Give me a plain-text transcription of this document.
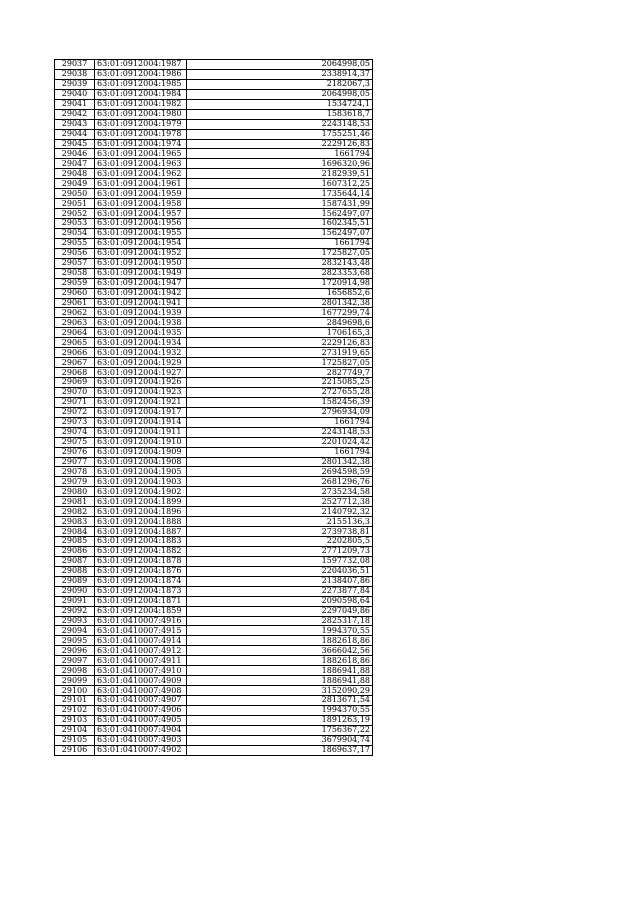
29037	63:01:0912004:1987	2064998,05
29038	63:01:0912004:1986	2338914,37
29039	63:01:0912004:1985	2182067,3
29040	63:01:0912004:1984	2064998,05
29041	63:01:0912004:1982	1534724,1
29042	63:01:0912004:1980	1583618,7
29043	63:01:0912004:1979	2243148,53
29044	63:01:0912004:1978	1755251,46
29045	63:01:0912004:1974	2229126,83
29046	63:01:0912004:1965	1661794
29047	63:01:0912004:1963	1696320,96
29048	63:01:0912004:1962	2182939,51
29049	63:01:0912004:1961	1607312,25
29050	63:01:0912004:1959	1735644,14
29051	63:01:0912004:1958	1587431,99
29052	63:01:0912004:1957	1562497,07
29053	63:01:0912004:1956	1602345,51
29054	63:01:0912004:1955	1562497,07
29055	63:01:0912004:1954	1661794
29056	63:01:0912004:1952	1725827,05
29057	63:01:0912004:1950	2832143,48
29058	63:01:0912004:1949	2823353,68
29059	63:01:0912004:1947	1720914,98
29060	63:01:0912004:1942	1656852,6
29061	63:01:0912004:1941	2801342,38
29062	63:01:0912004:1939	1677299,74
29063	63:01:0912004:1938	2849698,6
29064	63:01:0912004:1935	1706165,3
29065	63:01:0912004:1934	2229126,83
29066	63:01:0912004:1932	2731919,65
29067	63:01:0912004:1929	1725827,05
29068	63:01:0912004:1927	2827749,7
29069	63:01:0912004:1926	2215085,25
29070	63:01:0912004:1923	2727655,28
29071	63:01:0912004:1921	1582456,39
29072	63:01:0912004:1917	2796934,09
29073	63:01:0912004:1914	1661794
29074	63:01:0912004:1911	2243148,53
29075	63:01:0912004:1910	2201024,42
29076	63:01:0912004:1909	1661794
29077	63:01:0912004:1908	2801342,38
29078	63:01:0912004:1905	2694598,59
29079	63:01:0912004:1903	2681296,76
29080	63:01:0912004:1902	2735234,58
29081	63:01:0912004:1899	2527712,38
29082	63:01:0912004:1896	2140792,32
29083	63:01:0912004:1888	2155136,3
29084	63:01:0912004:1887	2739738,81
29085	63:01:0912004:1883	2202805,5
29086	63:01:0912004:1882	2771209,73
29087	63:01:0912004:1878	1597732,08
29088	63:01:0912004:1876	2204036,51
29089	63:01:0912004:1874	2138407,86
29090	63:01:0912004:1873	2273877,84
29091	63:01:0912004:1871	2090598,64
29092	63:01:0912004:1859	2297049,86
29093	63:01:0410007:4916	2825317,18
29094	63:01:0410007:4915	1994370,55
29095	63:01:0410007:4914	1882618,86
29096	63:01:0410007:4912	3666042,56
29097	63:01:0410007:4911	1882618,86
29098	63:01:0410007:4910	1886941,88
29099	63:01:0410007:4909	1886941,88
29100	63:01:0410007:4908	3152090,29
29101	63:01:0410007:4907	2813671,54
29102	63:01:0410007:4906	1994370,55
29103	63:01:0410007:4905	1891263,19
29104	63:01:0410007:4904	1756367,22
29105	63:01:0410007:4903	3679904,74
29106	63:01:0410007:4902	1869637,17
